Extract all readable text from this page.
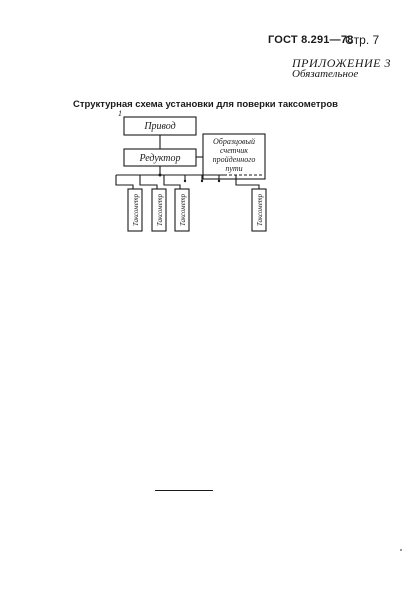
ГОСТ 8.291—78
Стр. 7
ПРИЛОЖЕНИЕ 3
Обязательное
Структурная схема установки для поверки таксометров
1
Привод
Редуктор
Образцовый
счетчик
пройденного
пути
Таксометр Таксометр Таксометр	Таксометр
